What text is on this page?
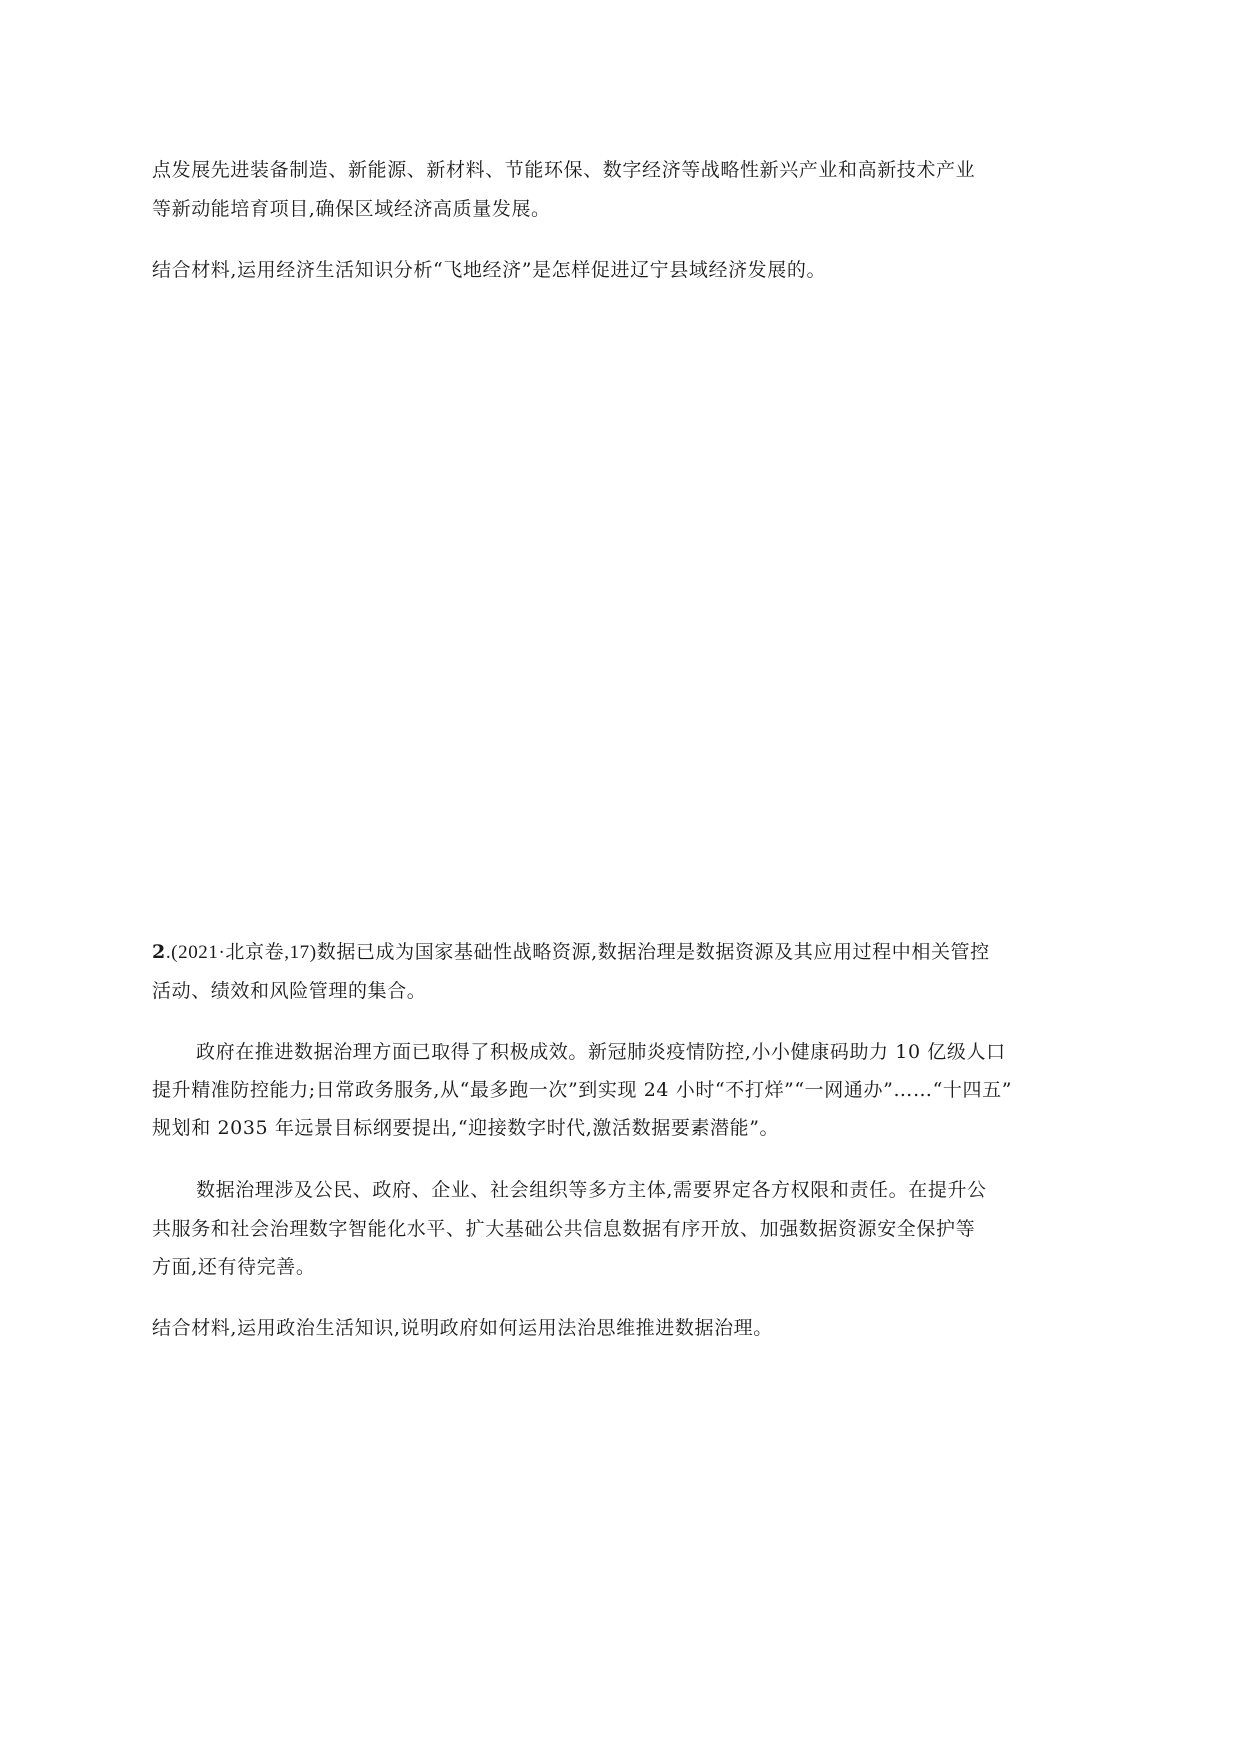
点发展先进装备制造、新能源、新材料、节能环保、数字经济等战略性新兴产业和高新技术产业
等新动能培育项目,确保区域经济高质量发展。
结合材料,运用经济生活知识分析“飞地经济”是怎样促进辽宁县域经济发展的。
2.(2021·北京卷,17)数据已成为国家基础性战略资源,数据治理是数据资源及其应用过程中相关管控
活动、绩效和风险管理的集合。
政府在推进数据治理方面已取得了积极成效。新冠肺炎疫情防控,小小健康码助力 10 亿级人口
提升精准防控能力;日常政务服务,从“最多跑一次”到实现 24 小时“不打烊”“一网通办”……“十四五”
规划和 2035 年远景目标纲要提出,“迎接数字时代,激活数据要素潜能”。
数据治理涉及公民、政府、企业、社会组织等多方主体,需要界定各方权限和责任。在提升公
共服务和社会治理数字智能化水平、扩大基础公共信息数据有序开放、加强数据资源安全保护等
方面,还有待完善。
结合材料,运用政治生活知识,说明政府如何运用法治思维推进数据治理。
